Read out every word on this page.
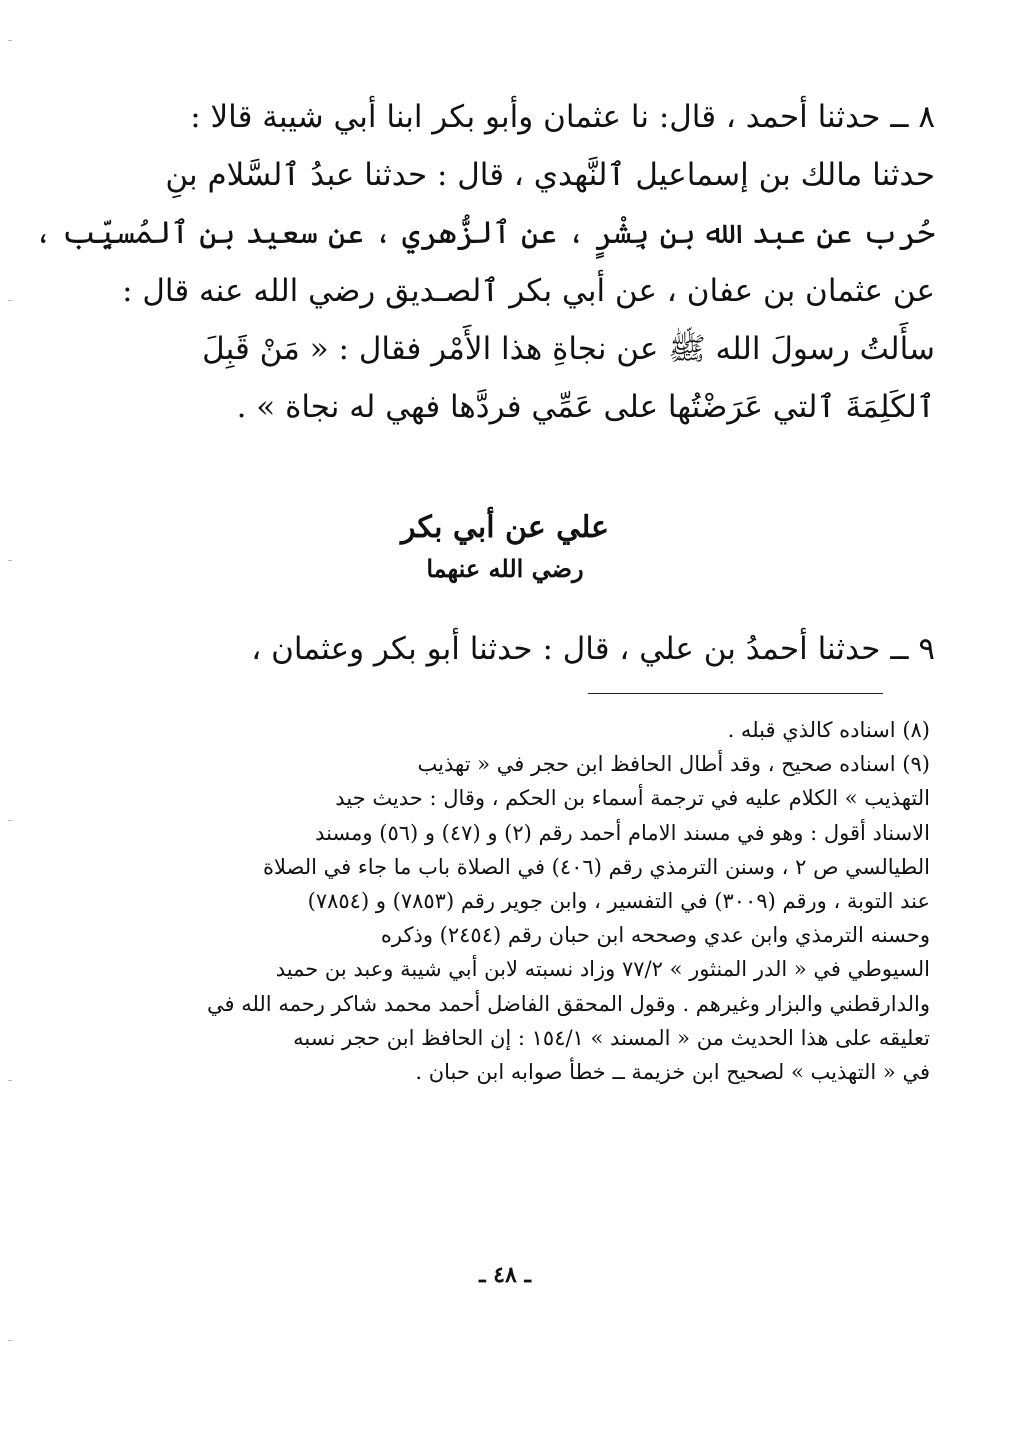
٨ ــ حدثنا أحمد ، قال: نا عثمان وأبو بكر ابنا أبي شيبة قالا :
حدثنا مالك بن إسماعيل ٱلنَّهدي ، قال : حدثنا عبدُ ٱلسَّلام بنِ
حُرب عن عبد الله بن بِشْرٍ ، عن ٱلزُّهري ، عن سعيد بن ٱلمُسيِّب ،
عن عثمان بن عفان ، عن أبي بكر ٱلصـديق رضي الله عنه قال :
سأَلتُ رسولَ الله ﷺ عن نجاةِ هذا الأَمْر فقال : « مَنْ قَبِلَ
ٱلكَلِمَةَ ٱلتي عَرَضْتُها على عَمِّي فردَّها فهي له نجاة » .
علي عن أبي بكر
رضي الله عنهما
٩ ــ حدثنا أحمدُ بن علي ، قال : حدثنا أبو بكر وعثمان ،
(٨) اسناده كالذي قبله .
(٩) اسناده صحيح ، وقد أطال الحافظ ابن حجر في « تهذيب
التهذيب » الكلام عليه في ترجمة أسماء بن الحكم ، وقال : حديث جيد
الاسناد أقول : وهو في مسند الامام أحمد رقم (٢) و (٤٧) و (٥٦) ومسند
الطيالسي ص ٢ ، وسنن الترمذي رقم (٤٠٦) في الصلاة باب ما جاء في الصلاة
عند التوبة ، ورقم (٣٠٠٩) في التفسير ، وابن جوير رقم (٧٨٥٣) و (٧٨٥٤)
وحسنه الترمذي وابن عدي وصححه ابن حبان رقم (٢٤٥٤) وذكره
السيوطي في « الدر المنثور » ٧٧/٢ وزاد نسبته لابن أبي شيبة وعبد بن حميد
والدارقطني والبزار وغيرهم . وقول المحقق الفاضل أحمد محمد شاكر رحمه الله في
تعليقه على هذا الحديث من « المسند » ١٥٤/١ : إن الحافظ ابن حجر نسبه
في « التهذيب » لصحيح ابن خزيمة ــ خطأ صوابه ابن حبان .
ـ ٤٨ ـ
